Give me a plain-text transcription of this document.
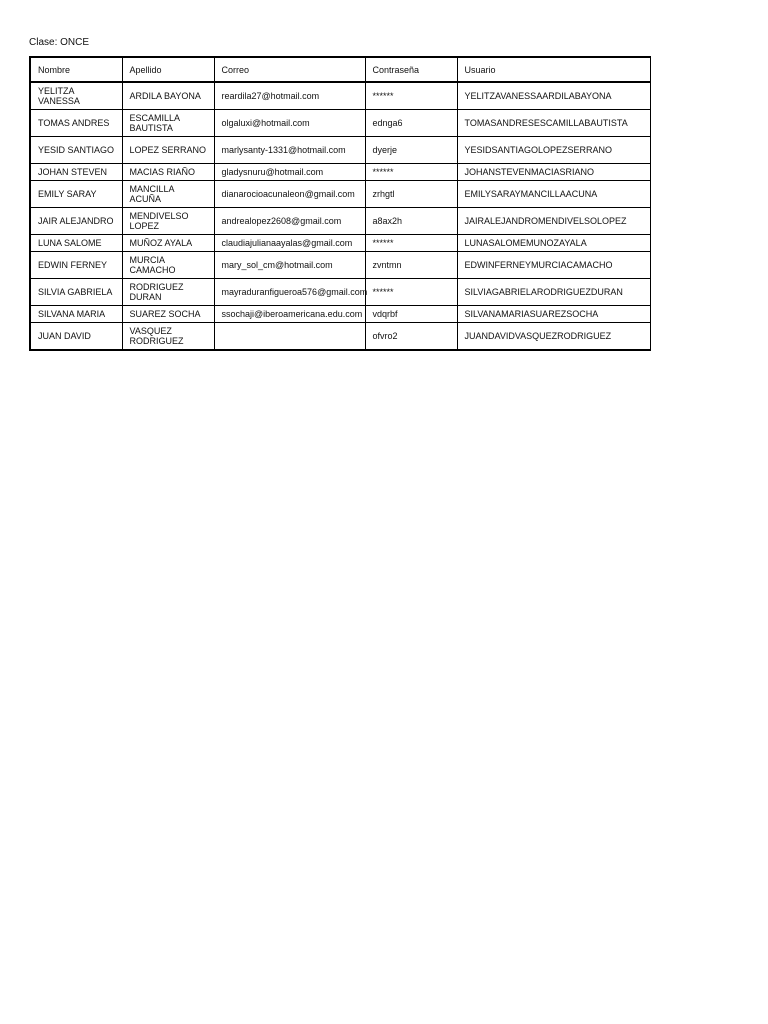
Clase: ONCE
Nombre	Apellido	Correo	Contraseña	Usuario
YELITZA VANESSA	ARDILA BAYONA	reardila27@hotmail.com	******	YELITZAVANESSAARDILABAYONA
TOMAS ANDRES	ESCAMILLA BAUTISTA	olgaluxi@hotmail.com	ednga6	TOMASANDRESESCAMILLABAUTISTA
YESID SANTIAGO	LOPEZ SERRANO	marlysanty-1331@hotmail.com	dyerje	YESIDSANTIAGOLOPEZSERRANO
JOHAN STEVEN	MACIAS RIAÑO	gladysnuru@hotmail.com	******	JOHANSTEVENMACIASRIANO
EMILY SARAY	MANCILLA ACUÑA	dianarocioacunaleon@gmail.com	zrhgtl	EMILYSARAYMANCILLAACUNA
JAIR ALEJANDRO	MENDIVELSO LOPEZ	andrealopez2608@gmail.com	a8ax2h	JAIRALEJANDROMENDIVELSOLOPEZ
LUNA SALOME	MUÑOZ AYALA	claudiajulianaayalas@gmail.com	******	LUNASALOMEMUNOZAYALA
EDWIN FERNEY	MURCIA CAMACHO	mary_sol_cm@hotmail.com	zvntmn	EDWINFERNEYMURCIACAMACHO
SILVIA GABRIELA	RODRIGUEZ DURAN	mayraduranfigueroa576@gmail.com	******	SILVIAGABRIELARODRIGUEZDURAN
SILVANA MARIA	SUAREZ SOCHA	ssochaji@iberoamericana.edu.com	vdqrbf	SILVANAMARIASUAREZSOCHA
JUAN DAVID	VASQUEZ RODRIGUEZ		ofvro2	JUANDAVIDVASQUEZRODRIGUEZ
